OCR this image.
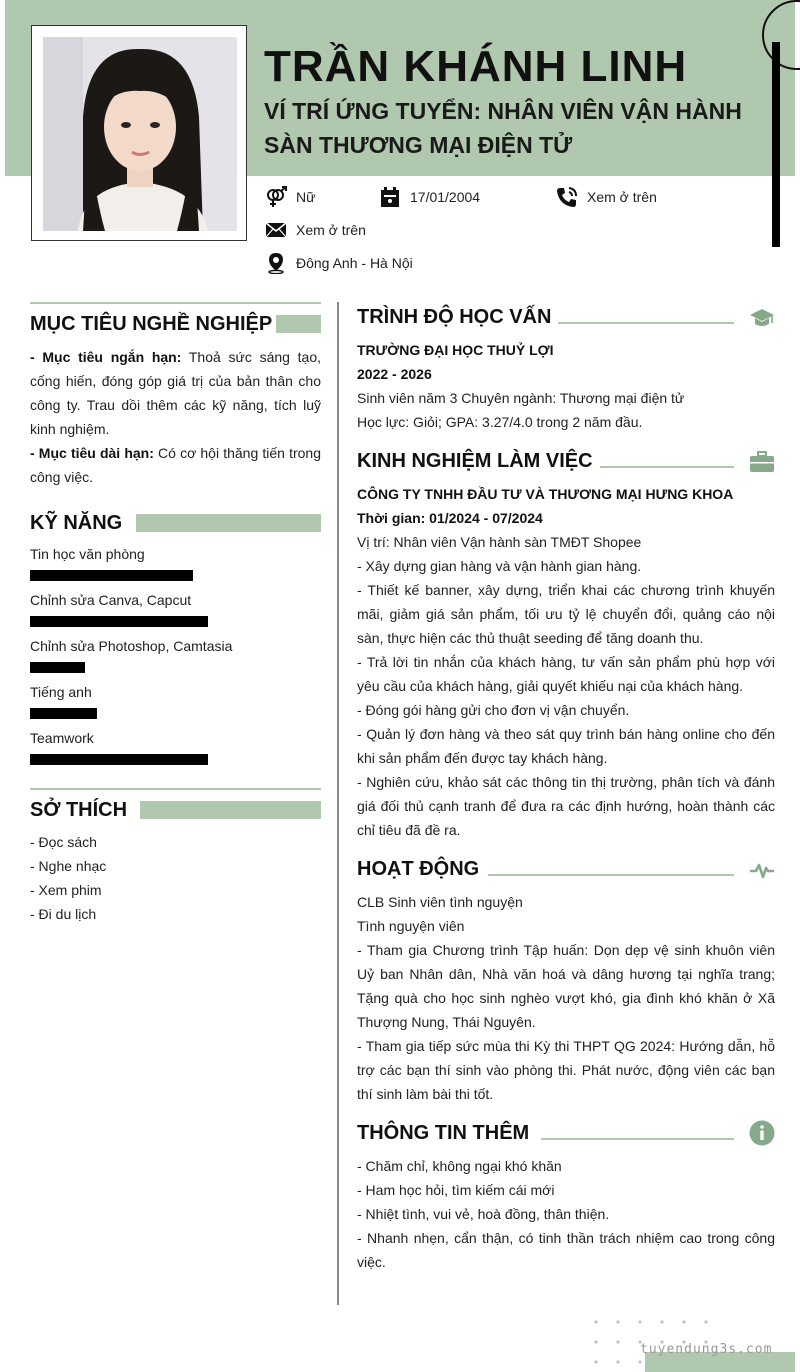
TRẦN KHÁNH LINH
VÍ TRÍ ỨNG TUYỂN: NHÂN VIÊN VẬN HÀNH SÀN THƯƠNG MẠI ĐIỆN TỬ
Nữ	17/01/2004	Xem ở trên
Xem ở trên
Đông Anh - Hà Nội
MỤC TIÊU NGHỀ NGHIỆP
- Mục tiêu ngắn hạn: Thoả sức sáng tạo, cống hiến, đóng góp giá trị của bản thân cho công ty. Trau dồi thêm các kỹ năng, tích luỹ kinh nghiệm.
- Mục tiêu dài hạn: Có cơ hội thăng tiến trong công việc.
KỸ NĂNG
Tin học văn phòng
Chỉnh sửa Canva, Capcut
Chỉnh sửa Photoshop, Camtasia
Tiếng anh
Teamwork
SỞ THÍCH
- Đọc sách
- Nghe nhạc
- Xem phim
- Đi du lịch
TRÌNH ĐỘ HỌC VẤN
TRƯỜNG ĐẠI HỌC THUỶ LỢI
2022 - 2026
Sinh viên năm 3 Chuyên ngành: Thương mại điện tử
Học lực: Giỏi; GPA: 3.27/4.0 trong 2 năm đầu.
KINH NGHIỆM LÀM VIỆC
CÔNG TY TNHH ĐẦU TƯ VÀ THƯƠNG MẠI HƯNG KHOA
Thời gian: 01/2024 - 07/2024
Vị trí: Nhân viên Vận hành sàn TMĐT Shopee
- Xây dựng gian hàng và vận hành gian hàng.
- Thiết kế banner, xây dựng, triển khai các chương trình khuyến mãi, giảm giá sản phẩm, tối ưu tỷ lệ chuyển đổi, quảng cáo nội sàn, thực hiện các thủ thuật seeding để tăng doanh thu.
- Trả lời tin nhắn của khách hàng, tư vấn sản phẩm phù hợp với yêu cầu của khách hàng, giải quyết khiếu nại của khách hàng.
- Đóng gói hàng gửi cho đơn vị vận chuyển.
- Quản lý đơn hàng và theo sát quy trình bán hàng online cho đến khi sản phẩm đến được tay khách hàng.
- Nghiên cứu, khảo sát các thông tin thị trường, phân tích và đánh giá đối thủ cạnh tranh để đưa ra các định hướng, hoàn thành các chỉ tiêu đã đề ra.
HOẠT ĐỘNG
CLB Sinh viên tình nguyện
Tình nguyện viên
- Tham gia Chương trình Tập huấn: Dọn dẹp vệ sinh khuôn viên Uỷ ban Nhân dân, Nhà văn hoá và dâng hương tại nghĩa trang; Tặng quà cho học sinh nghèo vượt khó, gia đình khó khăn ở Xã Thượng Nung, Thái Nguyên.
- Tham gia tiếp sức mùa thi Kỳ thi THPT QG 2024: Hướng dẫn, hỗ trợ các bạn thí sinh vào phòng thi. Phát nước, động viên các bạn thí sinh làm bài thi tốt.
THÔNG TIN THÊM
- Chăm chỉ, không ngại khó khăn
- Ham học hỏi, tìm kiếm cái mới
- Nhiệt tình, vui vẻ, hoà đồng, thân thiện.
- Nhanh nhẹn, cẩn thận, có tinh thần trách nhiệm cao trong công việc.
tuyendung3s.com
